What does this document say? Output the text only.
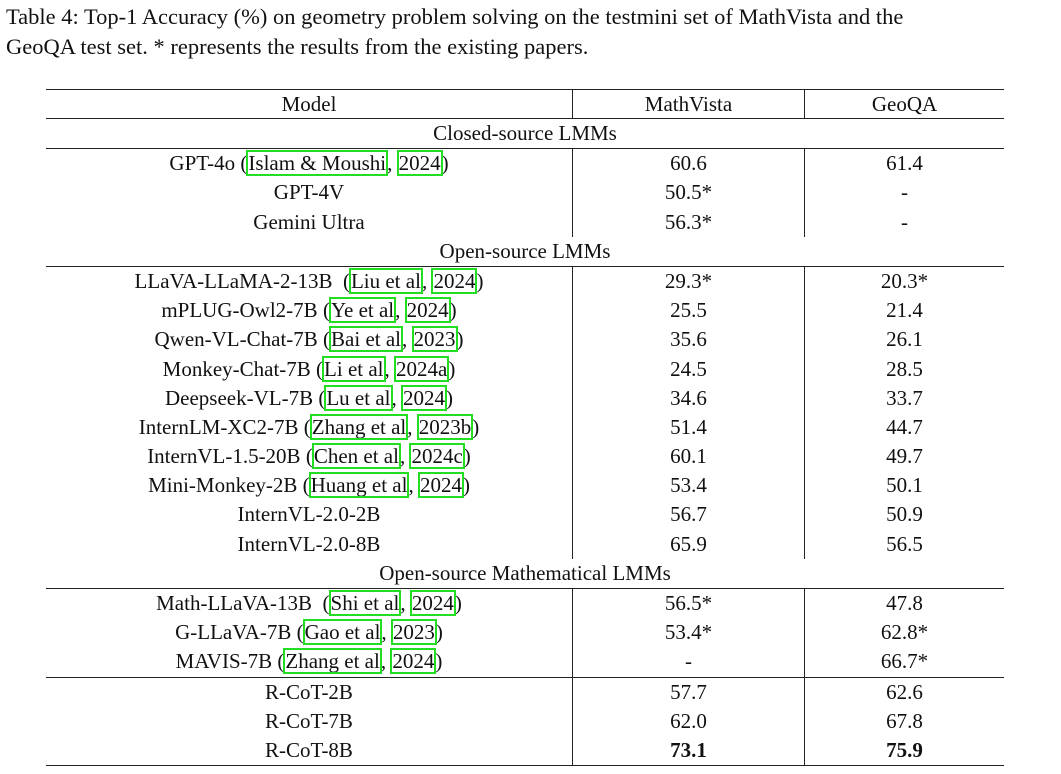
Table 4: Top-1 Accuracy (%) on geometry problem solving on the testmini set of MathVista and the
GeoQA test set. * represents the results from the existing papers.
Model	MathVista	GeoQA
Closed-source LMMs
GPT-4o (Islam & Moushi, 2024)	60.6	61.4
GPT-4V	50.5*	-
Gemini Ultra	56.3*	-
Open-source LMMs
LLaVA-LLaMA-2-13B  (Liu et al, 2024)	29.3*	20.3*
mPLUG-Owl2-7B (Ye et al, 2024)	25.5	21.4
Qwen-VL-Chat-7B (Bai et al, 2023)	35.6	26.1
Monkey-Chat-7B (Li et al, 2024a)	24.5	28.5
Deepseek-VL-7B (Lu et al, 2024)	34.6	33.7
InternLM-XC2-7B (Zhang et al, 2023b)	51.4	44.7
InternVL-1.5-20B (Chen et al, 2024c)	60.1	49.7
Mini-Monkey-2B (Huang et al, 2024)	53.4	50.1
InternVL-2.0-2B	56.7	50.9
InternVL-2.0-8B	65.9	56.5
Open-source Mathematical LMMs
Math-LLaVA-13B  (Shi et al, 2024)	56.5*	47.8
G-LLaVA-7B (Gao et al, 2023)	53.4*	62.8*
MAVIS-7B (Zhang et al, 2024)	-	66.7*
R-CoT-2B	57.7	62.6
R-CoT-7B	62.0	67.8
R-CoT-8B	73.1	75.9
